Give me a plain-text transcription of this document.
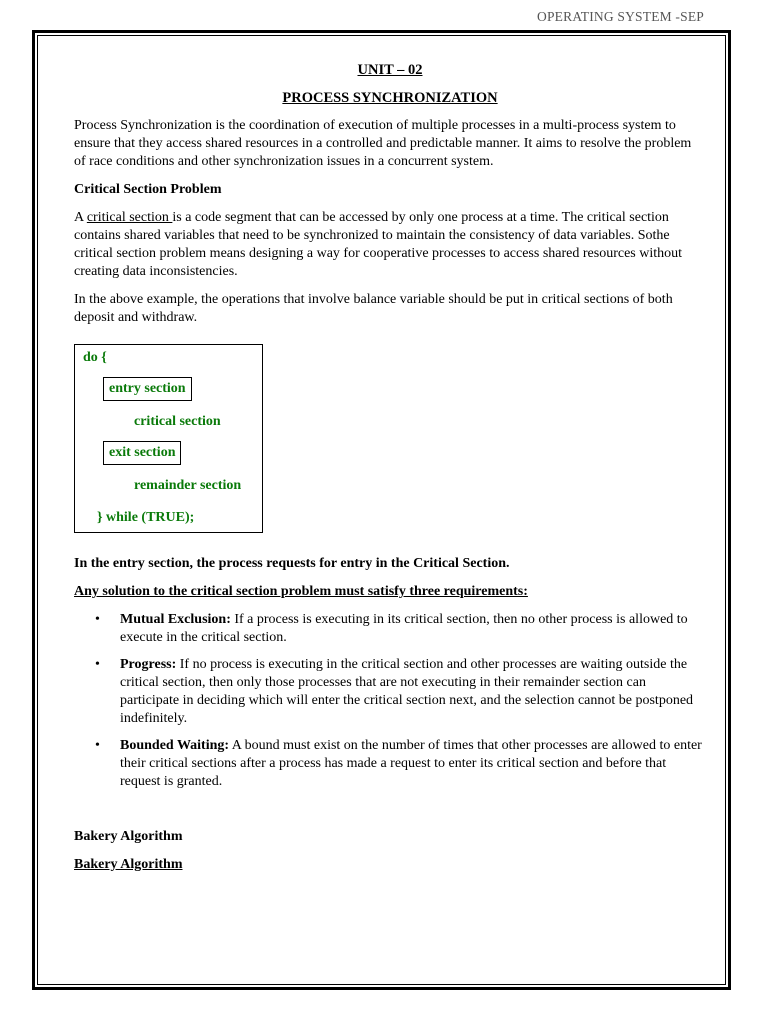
OPERATING SYSTEM -SEP

UNIT – 02

PROCESS SYNCHRONIZATION

Process Synchronization is the coordination of execution of multiple processes in a multi-process system to ensure that they access shared resources in a controlled and predictable manner. It aims to resolve the problem of race conditions and other synchronization issues in a concurrent system.

Critical Section Problem

A critical section is a code segment that can be accessed by only one process at a time. The critical section contains shared variables that need to be synchronized to maintain the consistency of data variables. Sothe critical section problem means designing a way for cooperative processes to access shared resources without creating data inconsistencies.

In the above example, the operations that involve balance variable should be put in critical sections of both deposit and withdraw.

do {
entry section
critical section
exit section
remainder section
} while (TRUE);

In the entry section, the process requests for entry in the Critical Section.

Any solution to the critical section problem must satisfy three requirements:

• Mutual Exclusion: If a process is executing in its critical section, then no other process is allowed to execute in the critical section.
• Progress: If no process is executing in the critical section and other processes are waiting outside the critical section, then only those processes that are not executing in their remainder section can participate in deciding which will enter the critical section next, and the selection cannot be postponed indefinitely.
• Bounded Waiting: A bound must exist on the number of times that other processes are allowed to enter their critical sections after a process has made a request to enter its critical section and before that request is granted.

Bakery Algorithm

Bakery Algorithm
